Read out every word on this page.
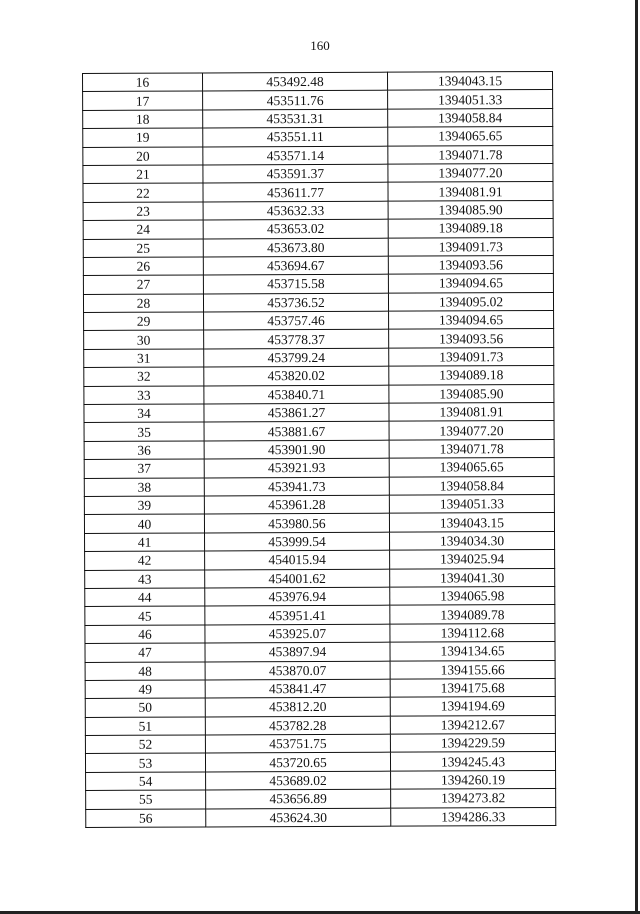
160
16	453492.48	1394043.15
17	453511.76	1394051.33
18	453531.31	1394058.84
19	453551.11	1394065.65
20	453571.14	1394071.78
21	453591.37	1394077.20
22	453611.77	1394081.91
23	453632.33	1394085.90
24	453653.02	1394089.18
25	453673.80	1394091.73
26	453694.67	1394093.56
27	453715.58	1394094.65
28	453736.52	1394095.02
29	453757.46	1394094.65
30	453778.37	1394093.56
31	453799.24	1394091.73
32	453820.02	1394089.18
33	453840.71	1394085.90
34	453861.27	1394081.91
35	453881.67	1394077.20
36	453901.90	1394071.78
37	453921.93	1394065.65
38	453941.73	1394058.84
39	453961.28	1394051.33
40	453980.56	1394043.15
41	453999.54	1394034.30
42	454015.94	1394025.94
43	454001.62	1394041.30
44	453976.94	1394065.98
45	453951.41	1394089.78
46	453925.07	1394112.68
47	453897.94	1394134.65
48	453870.07	1394155.66
49	453841.47	1394175.68
50	453812.20	1394194.69
51	453782.28	1394212.67
52	453751.75	1394229.59
53	453720.65	1394245.43
54	453689.02	1394260.19
55	453656.89	1394273.82
56	453624.30	1394286.33
